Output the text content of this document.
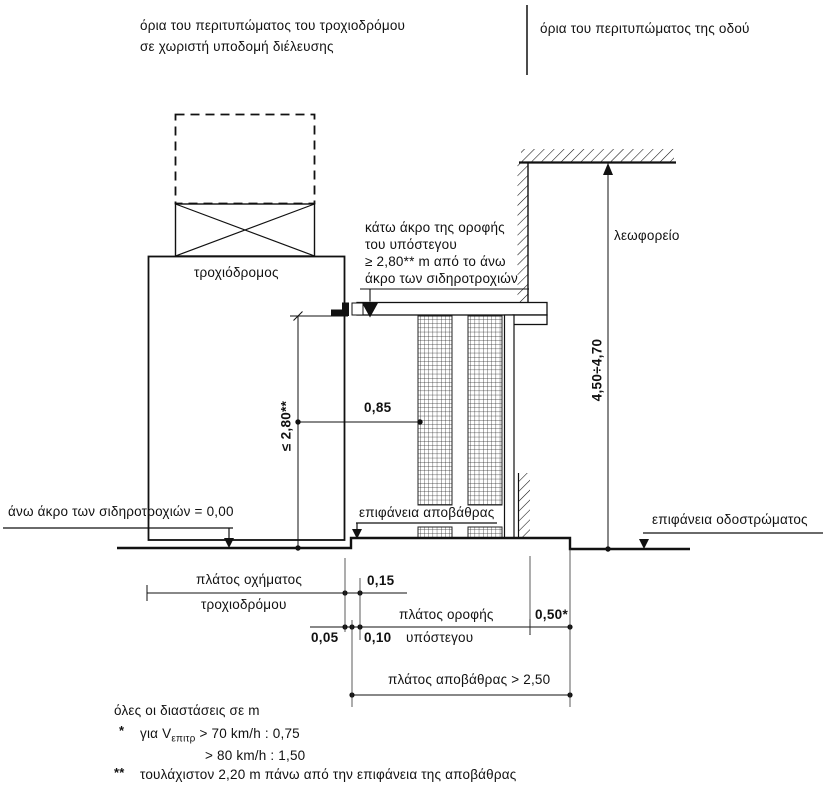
όρια του περιτυπώματος του τροχιοδρόμου
σε χωριστή υποδομή διέλευσης
όρια του περιτυπώματος της οδού
τροχιόδρομος
κάτω άκρο της οροφής
του υπόστεγου
≥ 2,80** m από το άνω
άκρο των σιδηροτροχιών
λεωφορείο
4,50÷4,70
≤ 2,80**	0,85
άνω άκρο των σιδηροτροχιών = 0,00	επιφάνεια αποβάθρας	επιφάνεια οδοστρώματος
πλάτος οχήματος
τροχιοδρόμου
0,15
0,05 0,10
πλάτος οροφής
υπόστεγου
0,50*
πλάτος αποβάθρας > 2,50
όλες οι διαστάσεις σε m
* για $V_{\varepsilon\pi\iota\tau\rho} > 70$ km/h : 0,75
> 80 km/h : 1,50
** τουλάχιστον 2,20 m πάνω από την επιφάνεια της αποβάθρας
